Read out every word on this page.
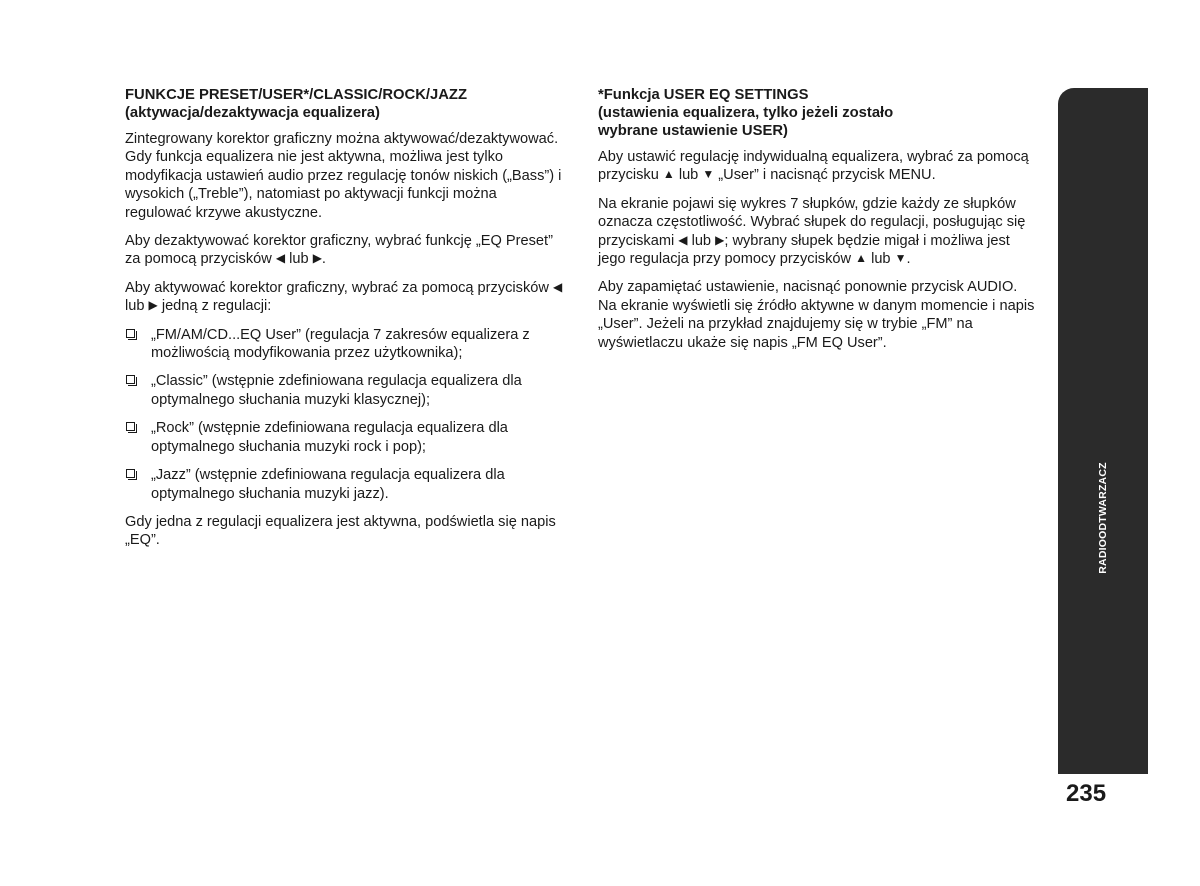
FUNKCJE PRESET/USER*/CLASSIC/ROCK/JAZZ
(aktywacja/dezaktywacja equalizera)

Zintegrowany korektor graficzny można aktywować/dezaktywować. Gdy funkcja equalizera nie jest aktywna, możliwa jest tylko modyfikacja ustawień audio przez regulację tonów niskich („Bass”) i wysokich („Treble”), natomiast po aktywacji funkcji można regulować krzywe akustyczne.

Aby dezaktywować korektor graficzny, wybrać funkcję „EQ Preset” za pomocą przycisków ◀ lub ▶.

Aby aktywować korektor graficzny, wybrać za pomocą przycisków ◀ lub ▶ jedną z regulacji:

„FM/AM/CD...EQ User” (regulacja 7 zakresów equalizera z możliwością modyfikowania przez użytkownika);
„Classic” (wstępnie zdefiniowana regulacja equalizera dla optymalnego słuchania muzyki klasycznej);
„Rock” (wstępnie zdefiniowana regulacja equalizera dla optymalnego słuchania muzyki rock i pop);
„Jazz” (wstępnie zdefiniowana regulacja equalizera dla optymalnego słuchania muzyki jazz).

Gdy jedna z regulacji equalizera jest aktywna, podświetla się napis „EQ”.

*Funkcja USER EQ SETTINGS
(ustawienia equalizera, tylko jeżeli zostało
wybrane ustawienie USER)

Aby ustawić regulację indywidualną equalizera, wybrać za pomocą przycisku ▲ lub ▼ „User” i nacisnąć przycisk MENU.

Na ekranie pojawi się wykres 7 słupków, gdzie każdy ze słupków oznacza częstotliwość. Wybrać słupek do regulacji, posługując się przyciskami ◀ lub ▶; wybrany słupek będzie migał i możliwa jest jego regulacja przy pomocy przycisków ▲ lub ▼.

Aby zapamiętać ustawienie, nacisnąć ponownie przycisk AUDIO. Na ekranie wyświetli się źródło aktywne w danym momencie i napis „User”. Jeżeli na przykład znajdujemy się w trybie „FM” na wyświetlaczu ukaże się napis „FM EQ User”.

RADIOODTWARZACZ
235
